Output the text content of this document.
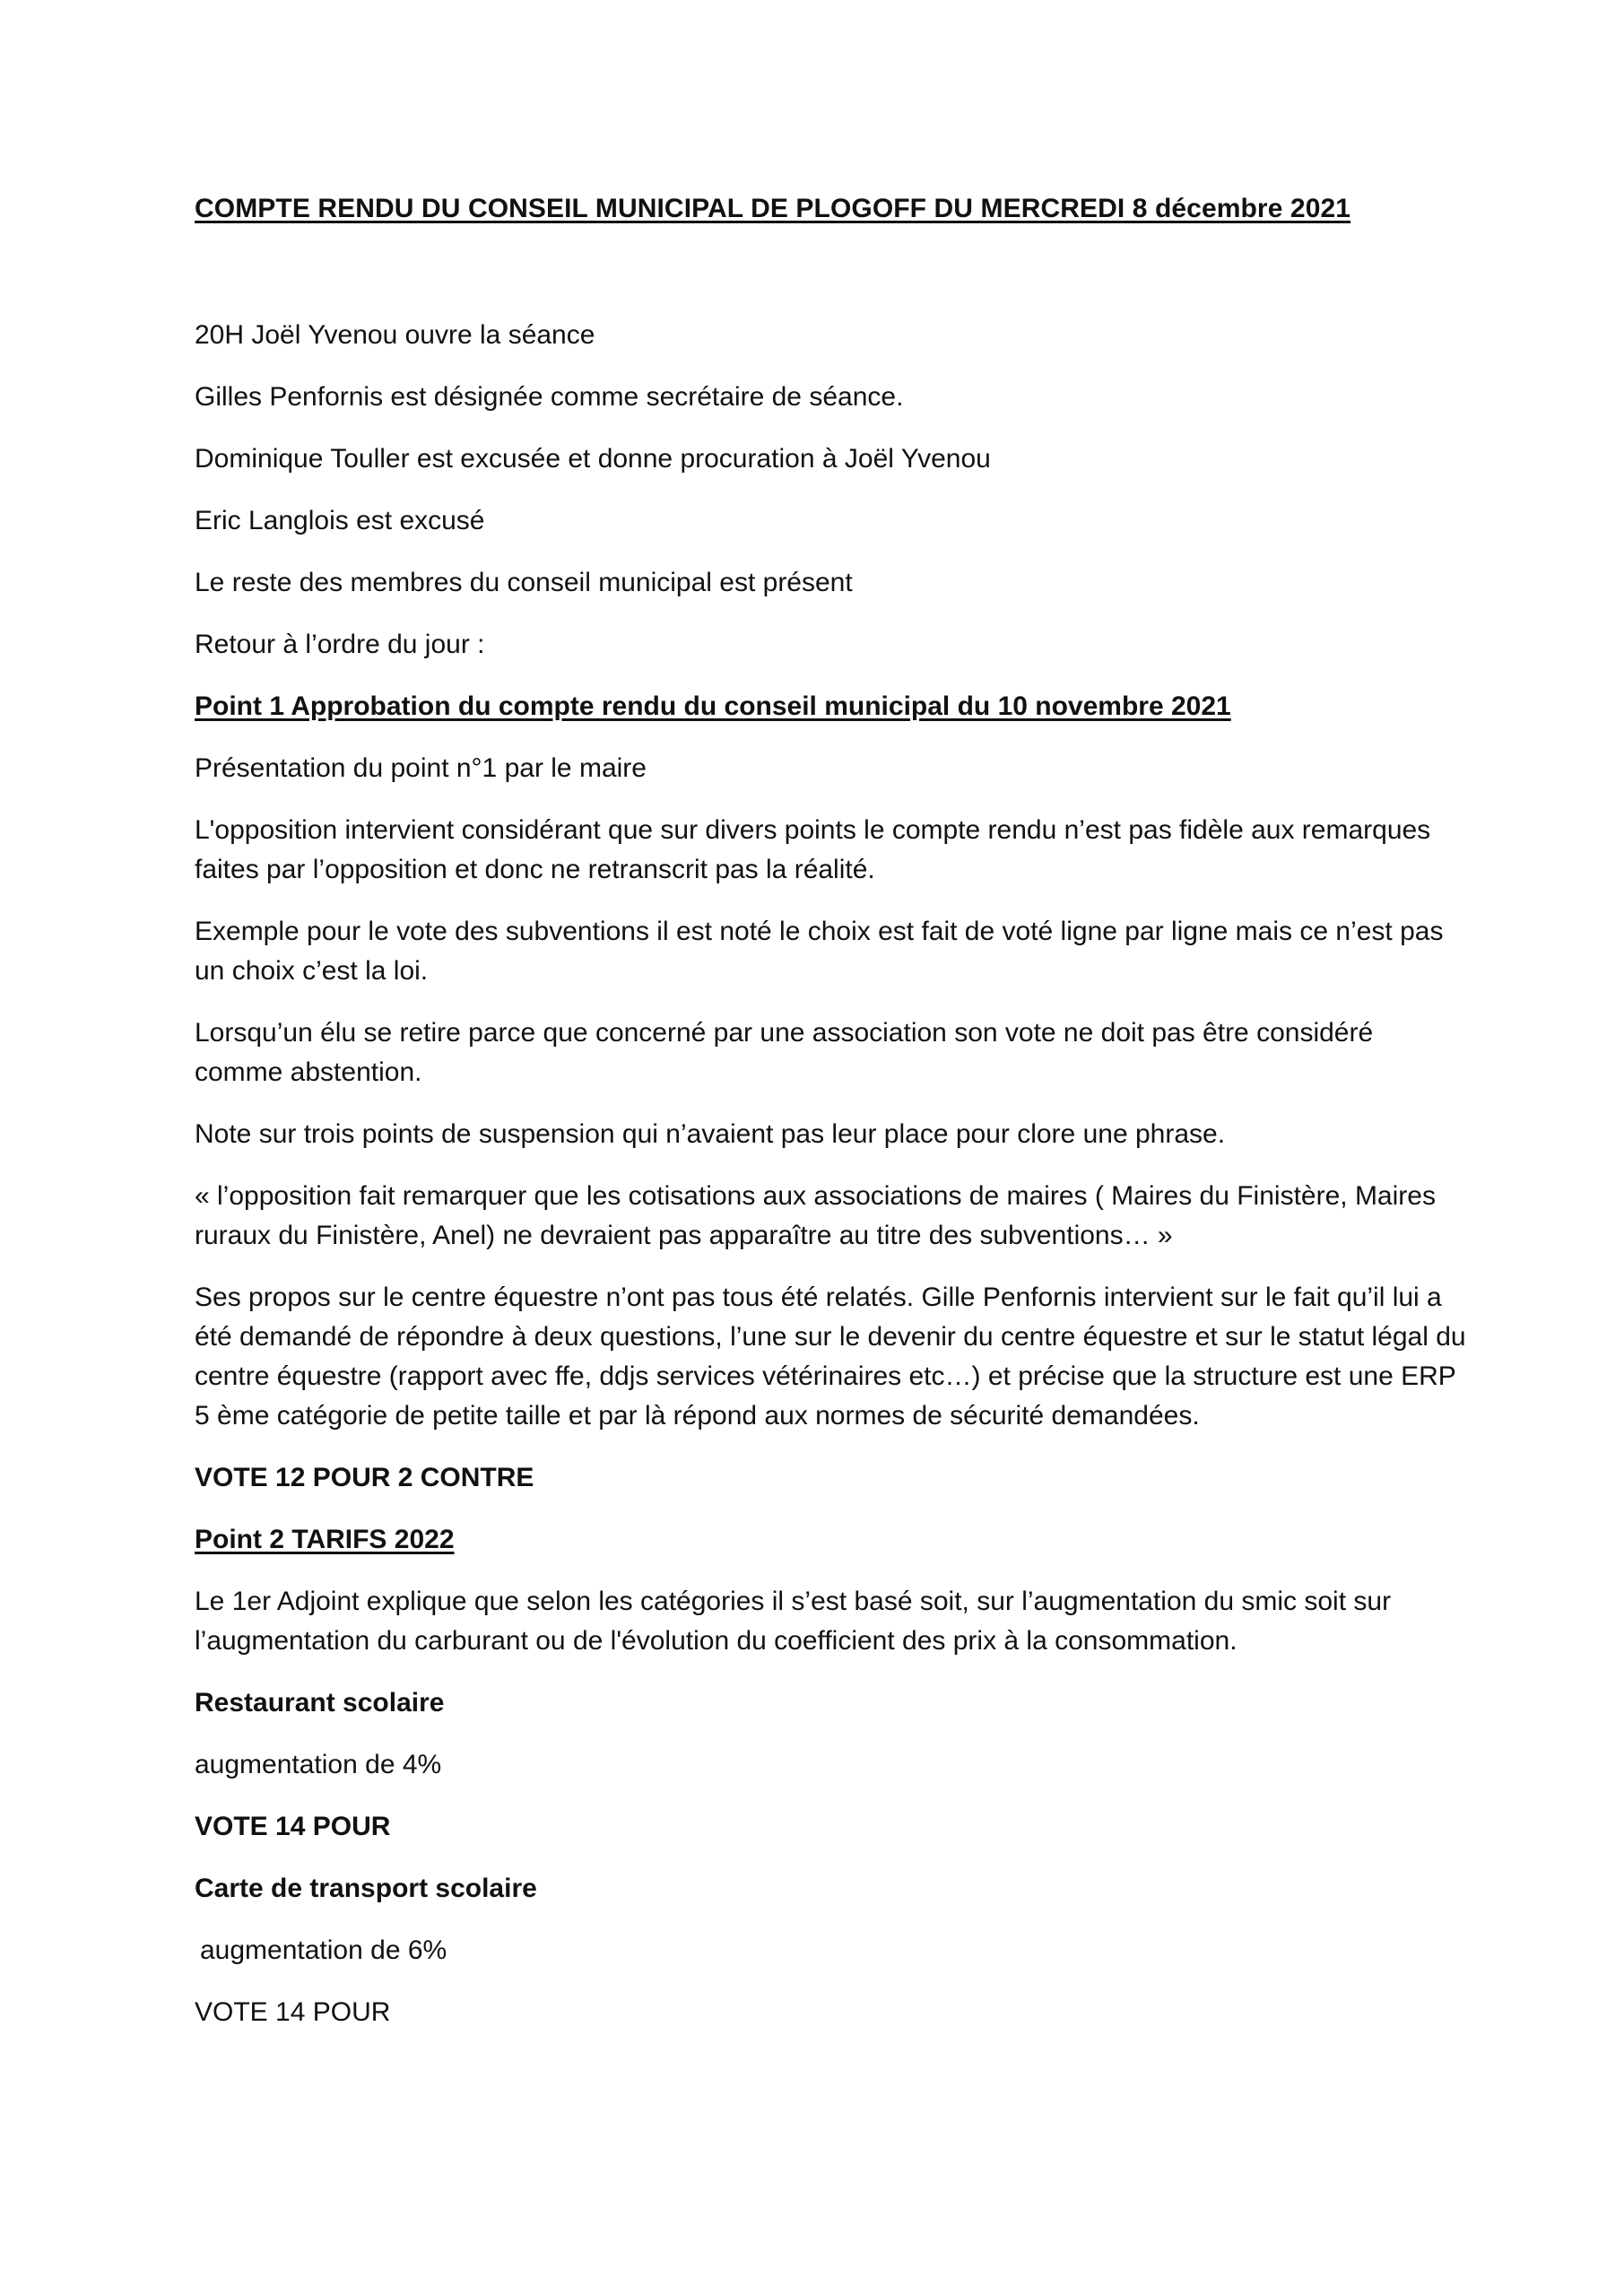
COMPTE RENDU DU CONSEIL MUNICIPAL DE PLOGOFF DU MERCREDI 8 décembre 2021

20H Joël Yvenou ouvre la séance

Gilles Penfornis est désignée comme secrétaire de séance.

Dominique Touller est excusée et donne procuration à Joël Yvenou

Eric Langlois est excusé

Le reste des membres du conseil municipal est présent

Retour à l’ordre du jour :

Point 1 Approbation du compte rendu du conseil municipal du 10 novembre 2021

Présentation du point n°1 par le maire

L'opposition intervient considérant que sur divers points le compte rendu n’est pas fidèle aux remarques faites par l’opposition et donc ne retranscrit pas la réalité.

Exemple pour le vote des subventions il est noté le choix est fait de voté ligne par ligne mais ce n’est pas un choix c’est la loi.

Lorsqu’un élu se retire parce que concerné par une association son vote ne doit pas être considéré comme abstention.

Note sur trois points de suspension qui n’avaient pas leur place pour clore une phrase.

« l’opposition fait remarquer que les cotisations aux associations de maires ( Maires du Finistère, Maires ruraux du Finistère, Anel) ne devraient pas apparaître au titre des subventions… »

Ses propos sur le centre équestre n’ont pas tous été relatés. Gille Penfornis intervient sur le fait qu’il lui a été demandé de répondre à deux questions, l’une sur le devenir du centre équestre et sur le statut légal du centre équestre (rapport avec ffe, ddjs services vétérinaires etc…) et précise que la structure est une ERP 5 ème catégorie de petite taille et par là répond aux normes de sécurité demandées.

VOTE 12 POUR 2 CONTRE

Point 2 TARIFS 2022

Le 1er Adjoint explique que selon les catégories il s’est basé soit, sur l’augmentation du smic soit sur l’augmentation du carburant ou de l'évolution du coefficient des prix à la consommation.

Restaurant scolaire

augmentation de 4%

VOTE 14 POUR

Carte de transport scolaire

augmentation de 6%

VOTE 14 POUR
